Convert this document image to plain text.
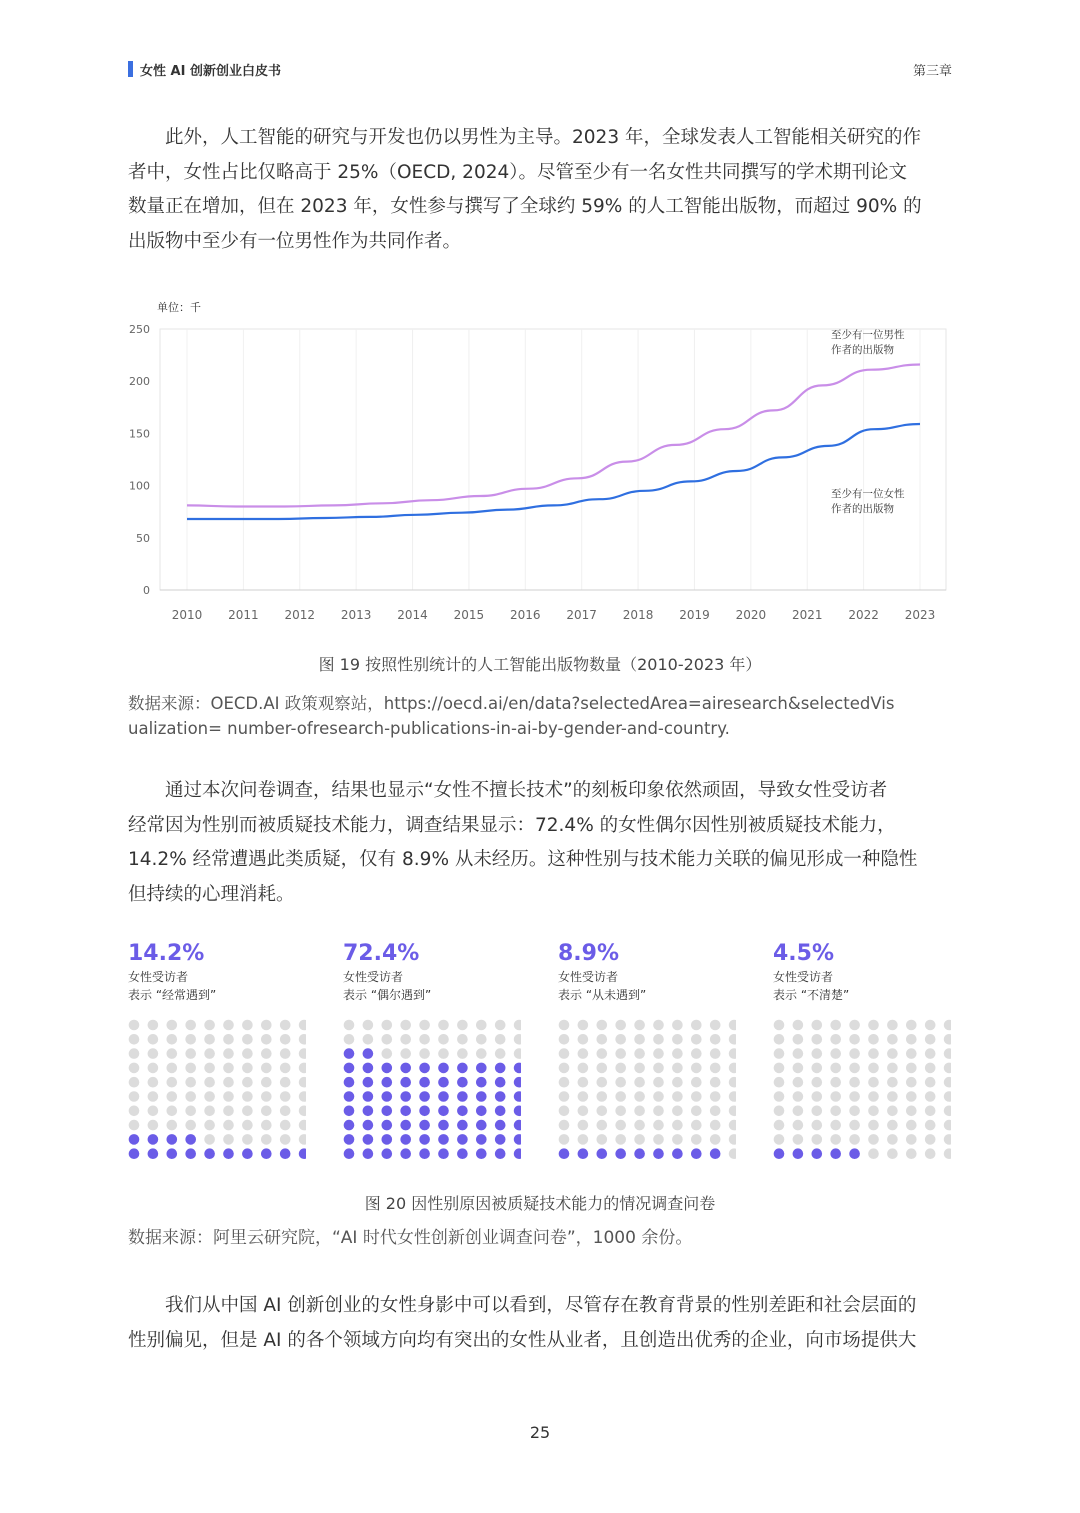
女性 AI 创新创业白皮书	第三章
此外，人工智能的研究与开发也仍以男性为主导。2023 年，全球发表人工智能相关研究的作
者中，女性占比仅略高于 25%（OECD, 2024）。尽管至少有一名女性共同撰写的学术期刊论文
数量正在增加，但在 2023 年，女性参与撰写了全球约 59% 的人工智能出版物，而超过 90% 的
出版物中至少有一位男性作为共同作者。
单位：千
0
50
100
150
200
250
2010 2011 2012 2013 2014 2015 2016 2017 2018 2019 2020 2021 2022 2023
至少有一位男性
作者的出版物
至少有一位女性
作者的出版物
图 19 按照性别统计的人工智能出版物数量（2010-2023 年）
数据来源：OECD.AI 政策观察站，https://oecd.ai/en/data?selectedArea=airesearch&selectedVis
ualization= number-ofresearch-publications-in-ai-by-gender-and-country.
通过本次问卷调查，结果也显示“女性不擅长技术”的刻板印象依然顽固，导致女性受访者
经常因为性别而被质疑技术能力，调查结果显示：72.4% 的女性偶尔因性别被质疑技术能力，
14.2% 经常遭遇此类质疑，仅有 8.9% 从未经历。这种性别与技术能力关联的偏见形成一种隐性
但持续的心理消耗。
14.2%
女性受访者
表示 “经常遇到”
72.4%
女性受访者
表示 “偶尔遇到”
8.9%
女性受访者
表示 “从未遇到”
4.5%
女性受访者
表示 “不清楚”
图 20 因性别原因被质疑技术能力的情况调查问卷
数据来源：阿里云研究院，“AI 时代女性创新创业调查问卷”，1000 余份。
我们从中国 AI 创新创业的女性身影中可以看到，尽管存在教育背景的性别差距和社会层面的
性别偏见，但是 AI 的各个领域方向均有突出的女性从业者，且创造出优秀的企业，向市场提供大
25
